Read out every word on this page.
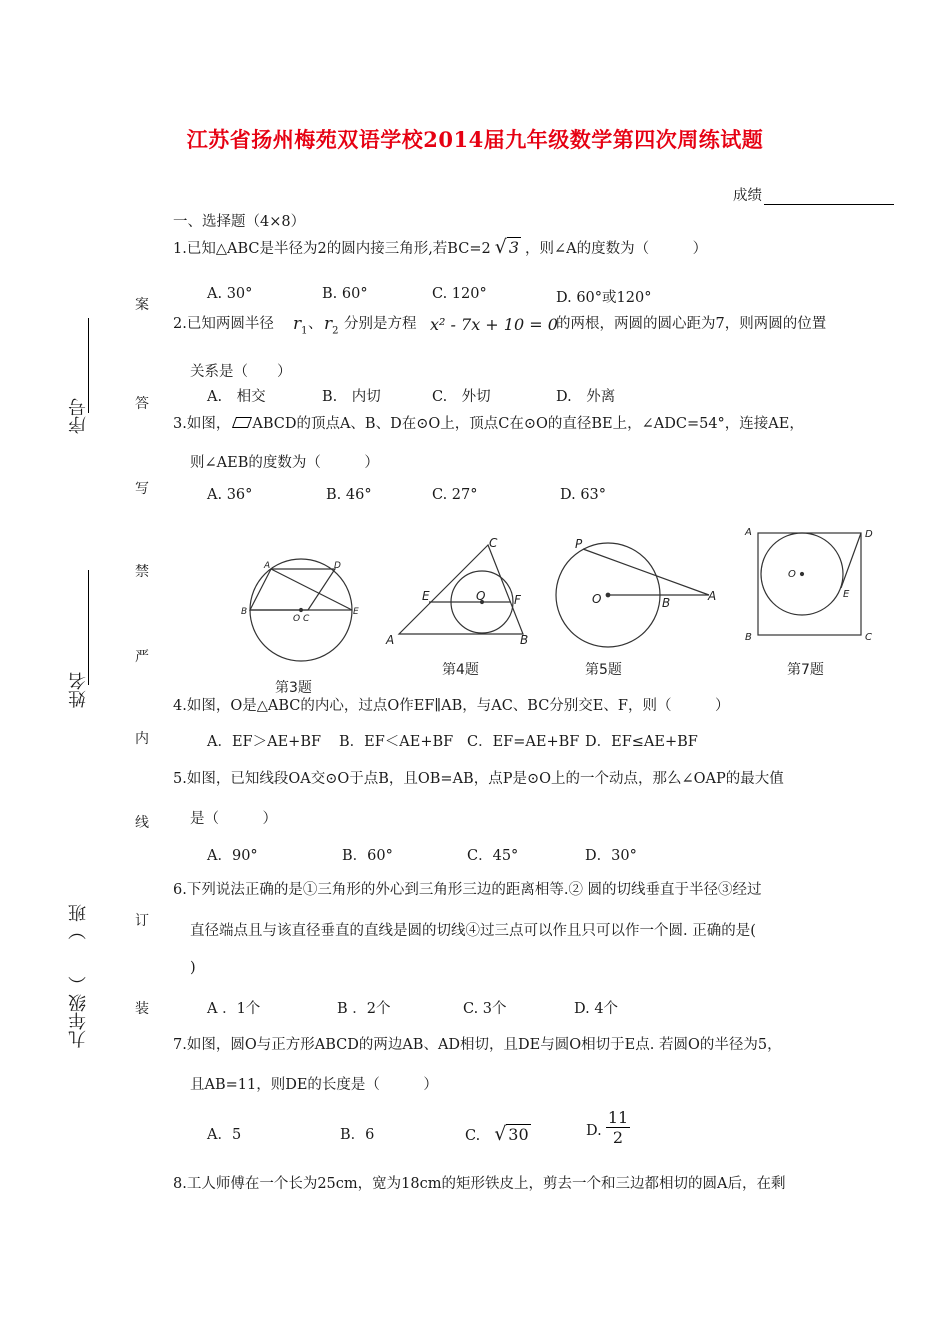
江苏省扬州梅苑双语学校2014届九年级数学第四次周练试题
成绩
序号
姓名
九年级（　　）班
案
答
写
禁
严
内
线
订
装
一、选择题（4×8）
1.已知△ABC是半径为2的圆内接三角形,若BC=2 √ 3 ，则∠A的度数为（　　　）
A. 30°	B. 60°	C. 120°	D. 60°或120°
2.已知两圆半径 $r_1$ 、 $r_2$ 分别是方程 x² - 7x + 10 = 0
的两根，两圆的圆心距为7，则两圆的位置
关系是（　　）
A.　相交	B.　内切	C.　外切	D.　外离
3.如图， ABCD的顶点A、B、D在⊙O上，顶点C在⊙O的直径BE上，∠ADC=54°，连接AE，
则∠AEB的度数为（　　　）
A. 36°	B. 46°	C. 27°	D. 63°
A	D
B
O C
E
第3题
C
E	O F
A	B
第4题
P
O	B	A
第5题
A	D
O
E
B	C
第7题
4.如图，O是△ABC的内心，过点O作EF∥AB，与AC、BC分别交E、F，则（　　　）
A．EF＞AE+BF B．EF＜AE+BF C．EF=AE+BF D．EF≤AE+BF
5.如图，已知线段OA交⊙O于点B，且OB=AB，点P是⊙O上的一个动点，那么∠OAP的最大值
是（　　　）
A．90°	B．60°	C．45°	D．30°
6.下列说法正确的是①三角形的外心到三角形三边的距离相等.② 圆的切线垂直于半径③经过
直径端点且与该直径垂直的直线是圆的切线④过三点可以作且只可以作一个圆. 正确的是(
)
A ．1个	B ．2个	C. 3个	D. 4个
7.如图，圆O与正方形ABCD的两边AB、AD相切，且DE与圆O相切于E点. 若圆O的半径为5，
且AB=11，则DE的长度是（　　　）
A．5	B．6	C. √ 30	D.
11
2
8.工人师傅在一个长为25cm，宽为18cm的矩形铁皮上，剪去一个和三边都相切的圆A后，在剩
